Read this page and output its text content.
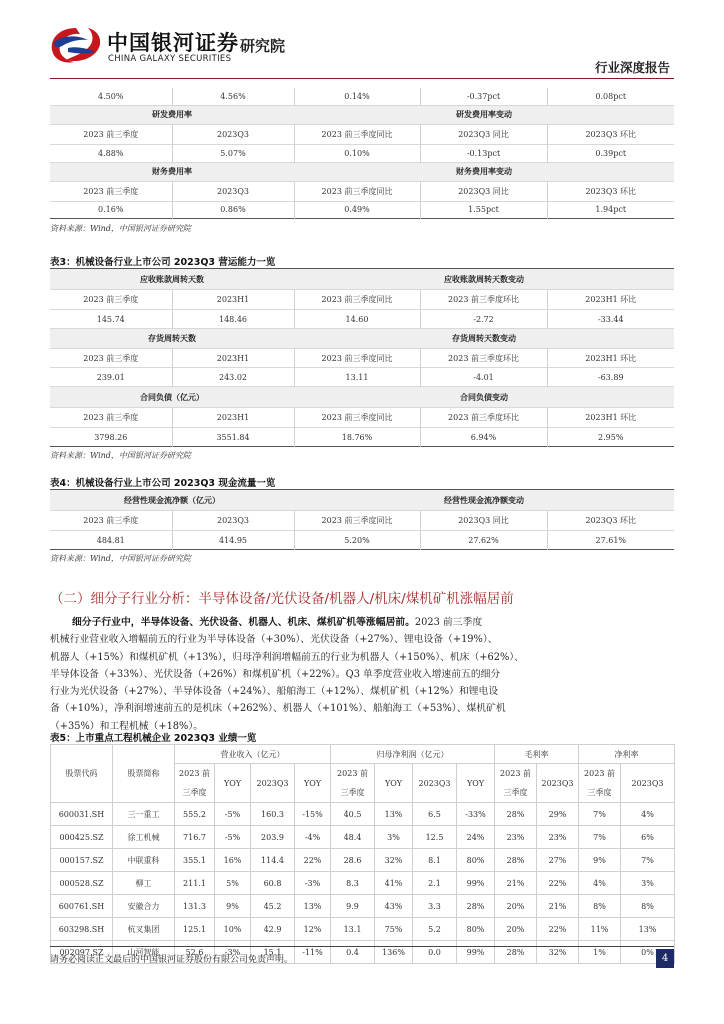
中国银河证券
CHINA GALAXY SECURITIES
研究院
行业深度报告
4.50%	4.56%	0.14%	-0.37pct	0.08pct
研发费用率		研发费用率变动		
2023 前三季度	2023Q3	2023 前三季度同比	2023Q3 同比	2023Q3 环比
4.88%	5.07%	0.10%	-0.13pct	0.39pct
财务费用率		财务费用率变动		
2023 前三季度	2023Q3	2023 前三季度同比	2023Q3 同比	2023Q3 环比
0.16%	0.86%	0.49%	1.55pct	1.94pct
资料来源：Wind，中国银河证券研究院
表3：机械设备行业上市公司 2023Q3 营运能力一览
应收账款周转天数		应收账款周转天数变动		
2023 前三季度	2023H1	2023 前三季度同比	2023 前三季度环比	2023H1 环比
145.74	148.46	14.60	-2.72	-33.44
存货周转天数		存货周转天数变动		
2023 前三季度	2023H1	2023 前三季度同比	2023 前三季度环比	2023H1 环比
239.01	243.02	13.11	-4.01	-63.89
合同负债（亿元）		合同负债变动		
2023 前三季度	2023H1	2023 前三季度同比	2023 前三季度环比	2023H1 环比
3798.26	3551.84	18.76%	6.94%	2.95%
资料来源：Wind，中国银河证券研究院
表4：机械设备行业上市公司 2023Q3 现金流量一览
经营性现金流净额（亿元）		经营性现金流净额变动		
2023 前三季度	2023Q3	2023 前三季度同比	2023Q3 同比	2023Q3 环比
484.81	414.95	5.20%	27.62%	27.61%
资料来源：Wind，中国银河证券研究院
（二）细分子行业分析：半导体设备/光伏设备/机器人/机床/煤机矿机涨幅居前

细分子行业中，半导体设备、光伏设备、机器人、机床、煤机矿机等涨幅居前。2023 前三季度

机械行业营业收入增幅前五的行业为半导体设备（+30%）、光伏设备（+27%）、锂电设备（+19%）、

机器人（+15%）和煤机矿机（+13%），归母净利润增幅前五的行业为机器人（+150%）、机床（+62%）、

半导体设备（+33%）、光伏设备（+26%）和煤机矿机（+22%）。Q3 单季度营业收入增速前五的细分

行业为光伏设备（+27%）、半导体设备（+24%）、船舶海工（+12%）、煤机矿机（+12%）和锂电设

备（+10%），净利润增速前五的是机床（+262%）、机器人（+101%）、船舶海工（+53%）、煤机矿机

（+35%）和工程机械（+18%）。

表5：上市重点工程机械企业 2023Q3 业绩一览
股票代码	股票简称	营业收入（亿元）				归母净利润（亿元）				毛利率		净利率	
		2023 前	YOY	2023Q3	YOY	2023 前	YOY	2023Q3	YOY	2023 前	2023Q3	2023 前	2023Q3
		三季度				三季度				三季度		三季度	
600031.SH	三一重工	555.2	-5%	160.3	-15%	40.5	13%	6.5	-33%	28%	29%	7%	4%
000425.SZ	徐工机械	716.7	-5%	203.9	-4%	48.4	3%	12.5	24%	23%	23%	7%	6%
000157.SZ	中联重科	355.1	16%	114.4	22%	28.6	32%	8.1	80%	28%	27%	9%	7%
000528.SZ	柳工	211.1	5%	60.8	-3%	8.3	41%	2.1	99%	21%	22%	4%	3%
600761.SH	安徽合力	131.3	9%	45.2	13%	9.9	43%	3.3	28%	20%	21%	8%	8%
603298.SH	杭叉集团	125.1	10%	42.9	12%	13.1	75%	5.2	80%	20%	22%	11%	13%
002097.SZ	山河智能	52.6	-3%	15.1	-11%	0.4	136%	0.0	99%	28%	32%	1%	0%
请务必阅读正文最后的中国银河证券股份有限公司免责声明。	4
